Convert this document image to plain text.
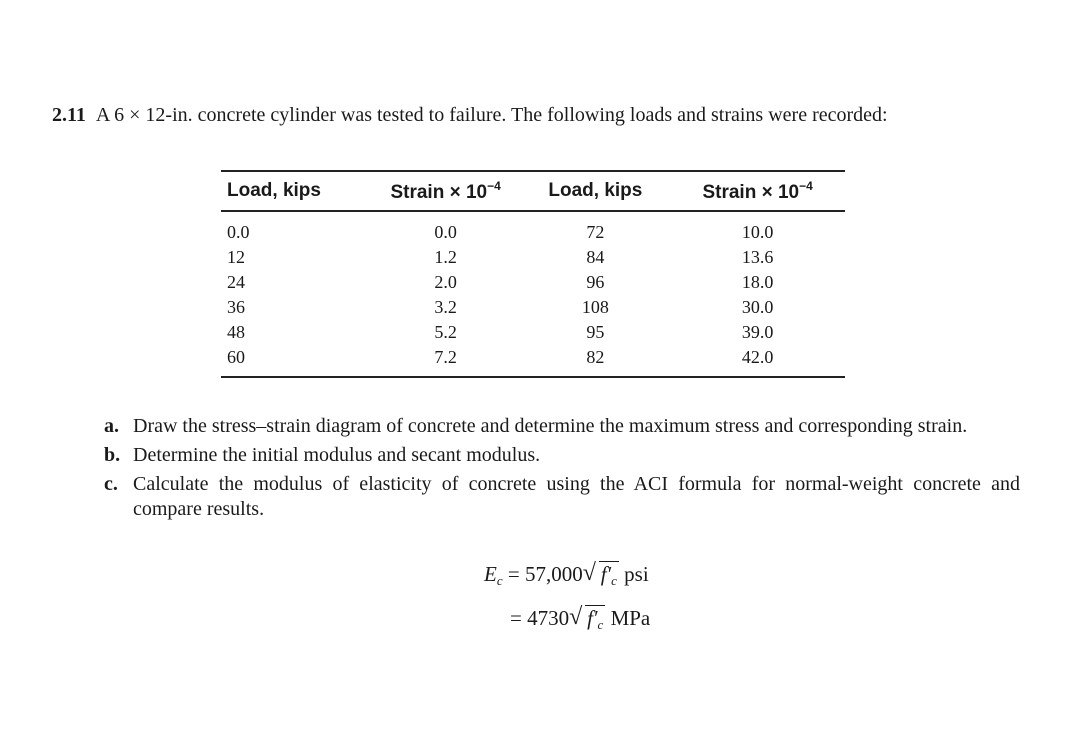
2.11 A 6 × 12-in. concrete cylinder was tested to failure. The following loads and strains were recorded:
Load, kips	Strain × $10^{-4}$	Load, kips	Strain × $10^{-4}$
0.0	0.0	72	10.0
12	1.2	84	13.6
24	2.0	96	18.0
36	3.2	108	30.0
48	5.2	95	39.0
60	7.2	82	42.0
a. Draw the stress–strain diagram of concrete and determine the maximum stress and corresponding strain.
b. Determine the initial modulus and secant modulus.
c. Calculate the modulus of elasticity of concrete using the ACI formula for normal-weight concrete and compare results.
$E_c = 57,000$ √ $f'_c$ psi
= 4730 √ $f'_c$ MPa
